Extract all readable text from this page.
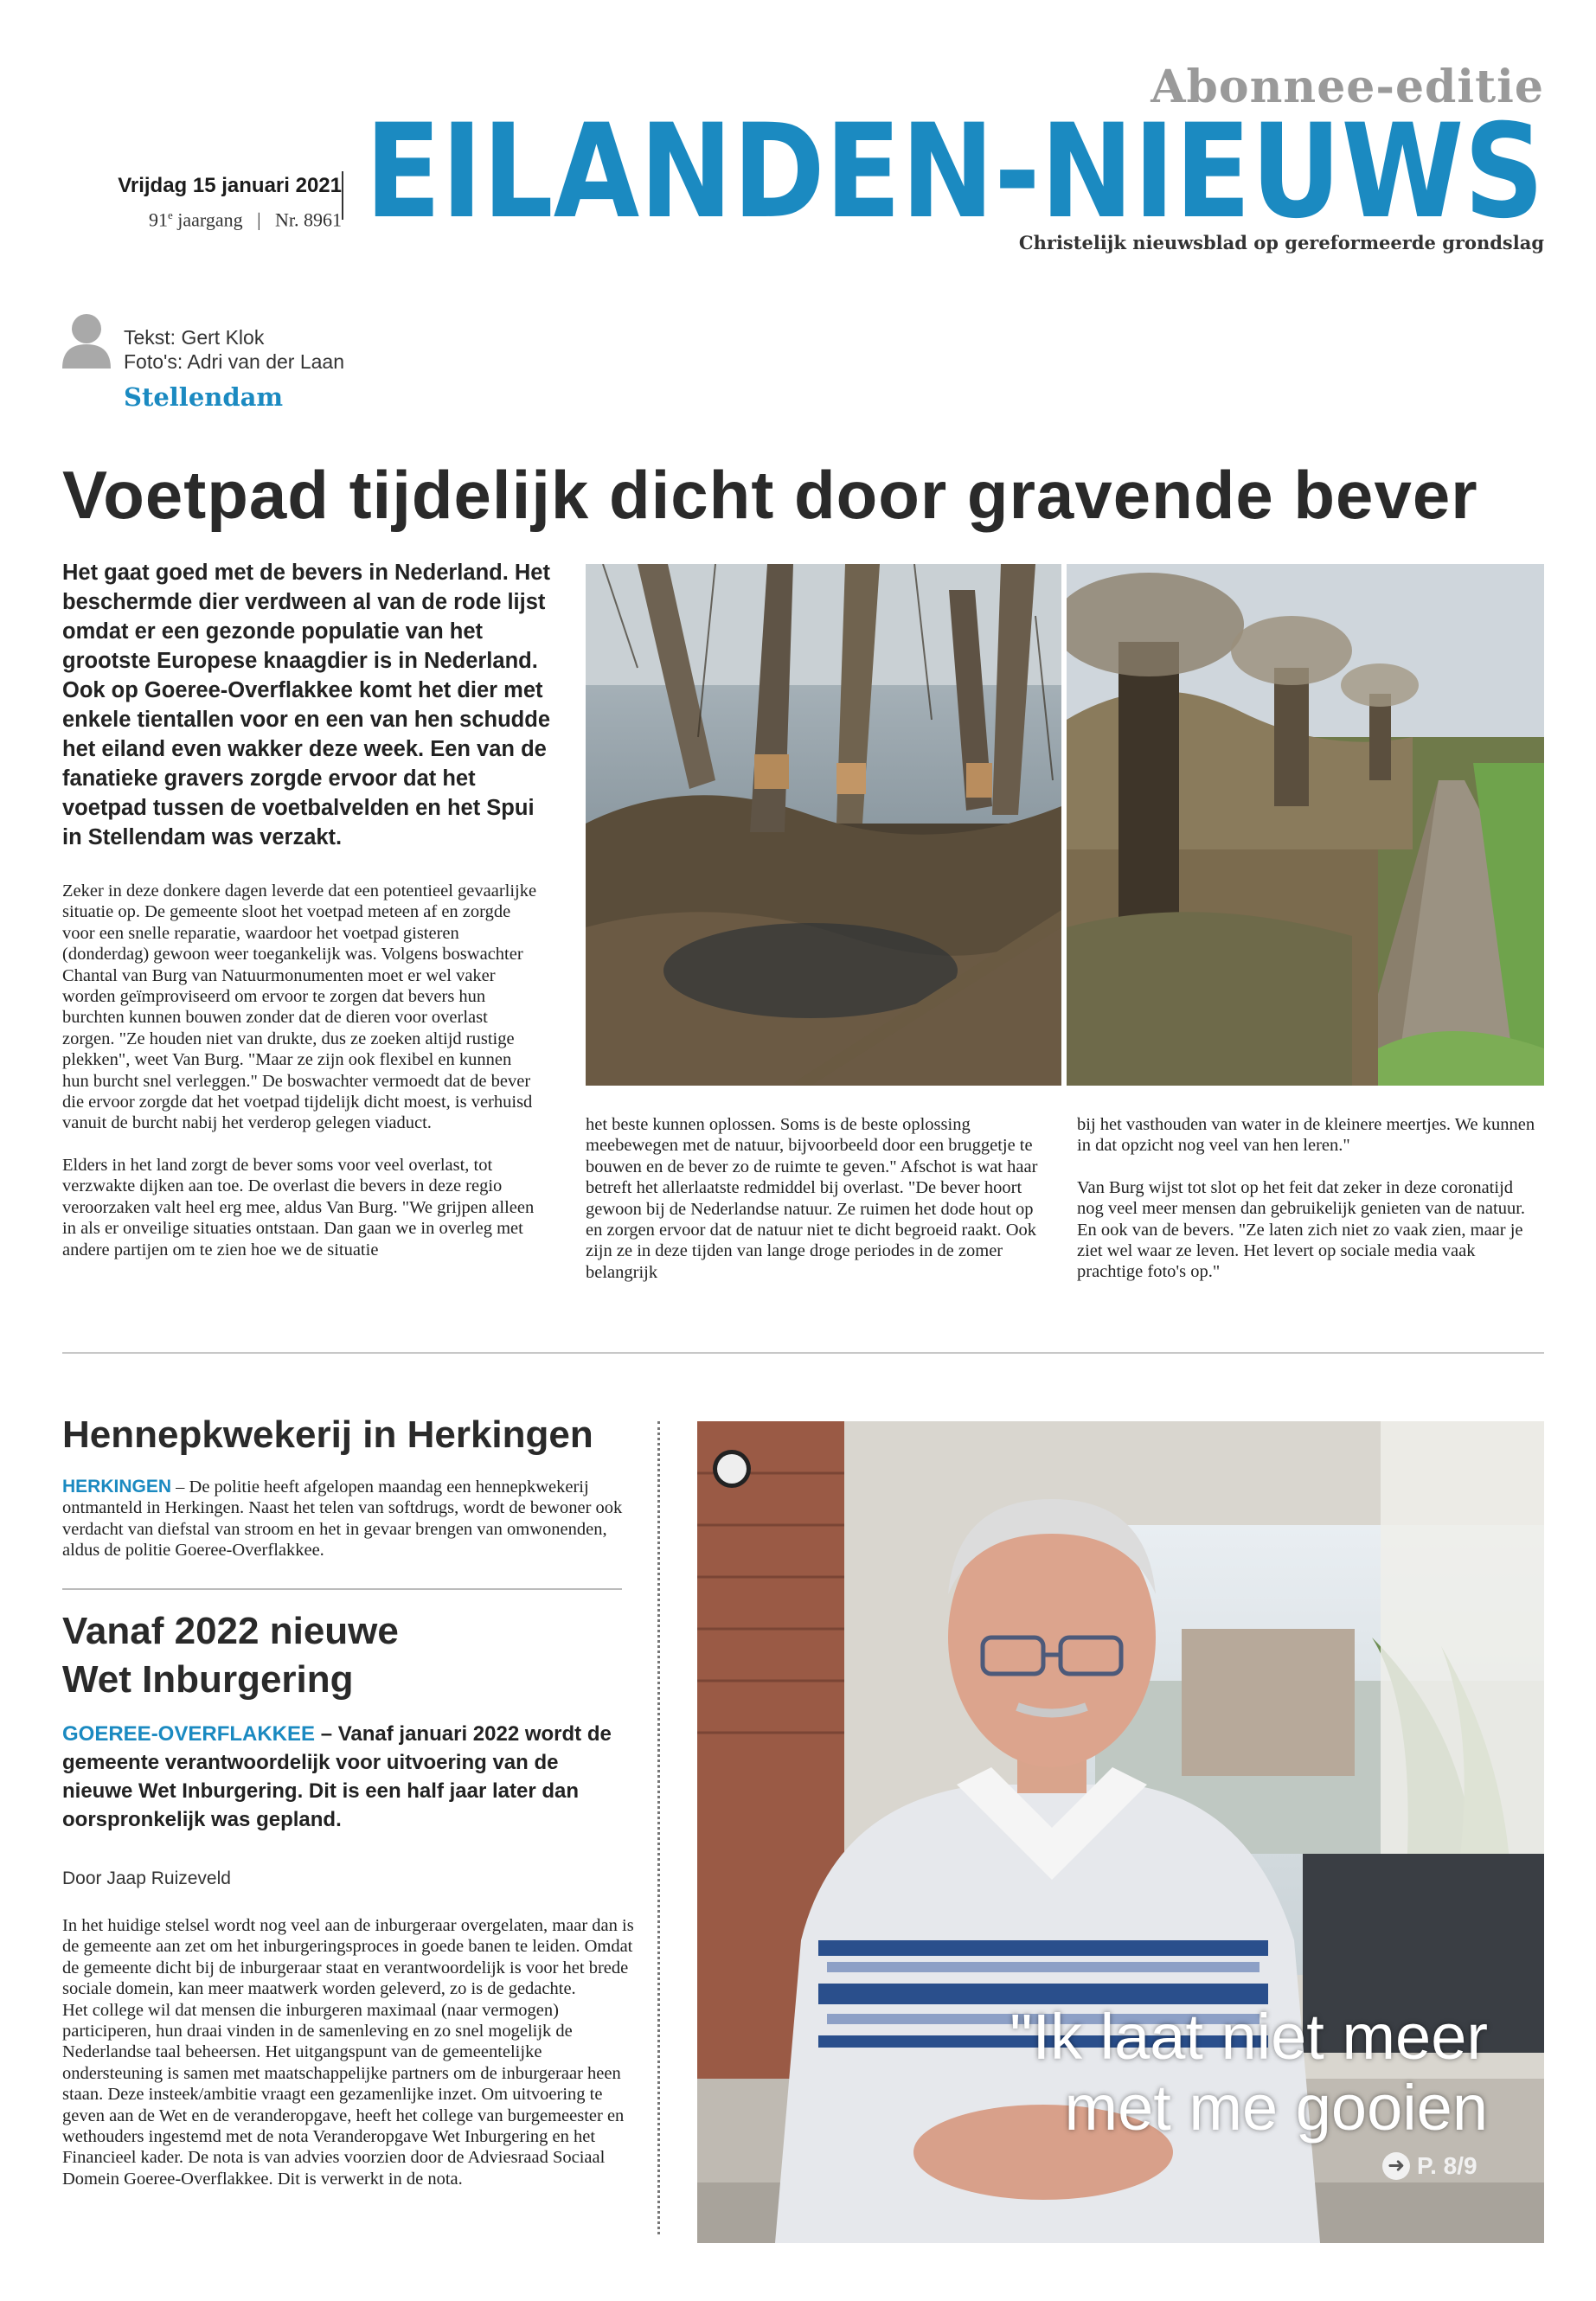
Abonnee-editie
EILANDEN-NIEUWS
Christelijk nieuwsblad op gereformeerde grondslag
Vrijdag 15 januari 2021
91e jaargang | Nr. 8961
Tekst: Gert Klok
Foto's: Adri van der Laan
Stellendam
Voetpad tijdelijk dicht door gravende bever
Het gaat goed met de bevers in Nederland. Het beschermde dier verdween al van de rode lijst omdat er een gezonde populatie van het grootste Europese knaagdier is in Nederland. Ook op Goeree-Overflakkee komt het dier met enkele tientallen voor en een van hen schudde het eiland even wakker deze week. Een van de fanatieke gravers zorgde ervoor dat het voetpad tussen de voetbalvelden en het Spui in Stellendam was verzakt.

Zeker in deze donkere dagen leverde dat een potentieel gevaarlijke situatie op. De gemeente sloot het voetpad meteen af en zorgde voor een snelle reparatie, waardoor het voetpad gisteren (donderdag) gewoon weer toegankelijk was. Volgens boswachter Chantal van Burg van Natuurmonumenten moet er wel vaker worden geïmproviseerd om ervoor te zorgen dat bevers hun burchten kunnen bouwen zonder dat de dieren voor overlast zorgen. "Ze houden niet van drukte, dus ze zoeken altijd rustige plekken", weet Van Burg. "Maar ze zijn ook flexibel en kunnen hun burcht snel verleggen." De boswachter vermoedt dat de bever die ervoor zorgde dat het voetpad tijdelijk dicht moest, is verhuisd vanuit de burcht nabij het verderop gelegen viaduct.

Elders in het land zorgt de bever soms voor veel overlast, tot verzwakte dijken aan toe. De overlast die bevers in deze regio veroorzaken valt heel erg mee, aldus Van Burg. "We grijpen alleen in als er onveilige situaties ontstaan. Dan gaan we in overleg met andere partijen om te zien hoe we de situatie

het beste kunnen oplossen. Soms is de beste oplossing meebewegen met de natuur, bijvoorbeeld door een bruggetje te bouwen en de bever zo de ruimte te geven." Afschot is wat haar betreft het allerlaatste redmiddel bij overlast. "De bever hoort gewoon bij de Nederlandse natuur. Ze ruimen het dode hout op en zorgen ervoor dat de natuur niet te dicht begroeid raakt. Ook zijn ze in deze tijden van lange droge periodes in de zomer belangrijk

bij het vasthouden van water in de kleinere meertjes. We kunnen in dat opzicht nog veel van hen leren."

Van Burg wijst tot slot op het feit dat zeker in deze coronatijd nog veel meer mensen dan gebruikelijk genieten van de natuur. En ook van de bevers. "Ze laten zich niet zo vaak zien, maar je ziet wel waar ze leven. Het levert op sociale media vaak prachtige foto's op."

Hennepkwekerij in Herkingen
HERKINGEN – De politie heeft afgelopen maandag een hennepkwekerij ontmanteld in Herkingen. Naast het telen van softdrugs, wordt de bewoner ook verdacht van diefstal van stroom en het in gevaar brengen van omwonenden, aldus de politie Goeree-Overflakkee.
Vanaf 2022 nieuwe
Wet Inburgering
GOEREE-OVERFLAKKEE – Vanaf januari 2022 wordt de gemeente verantwoordelijk voor uitvoering van de nieuwe Wet Inburgering. Dit is een half jaar later dan oorspronkelijk was gepland.
Door Jaap Ruizeveld
In het huidige stelsel wordt nog veel aan de inburgeraar overgelaten, maar dan is de gemeente aan zet om het inburgeringsproces in goede banen te leiden. Omdat de gemeente dicht bij de inburgeraar staat en verantwoordelijk is voor het brede sociale domein, kan meer maatwerk worden geleverd, zo is de gedachte.
Het college wil dat mensen die inburgeren maximaal (naar vermogen) participeren, hun draai vinden in de samenleving en zo snel mogelijk de Nederlandse taal beheersen. Het uitgangspunt van de gemeentelijke ondersteuning is samen met maatschappelijke partners om de inburgeraar heen staan. Deze insteek/ambitie vraagt een gezamenlijke inzet. Om uitvoering te geven aan de Wet en de veranderopgave, heeft het college van burgemeester en wethouders ingestemd met de nota Veranderopgave Wet Inburgering en het Financieel kader. De nota is van advies voorzien door de Adviesraad Sociaal Domein Goeree-Overflakkee. Dit is verwerkt in de nota.
"Ik laat niet meer
met me gooien
➜ P. 8/9
